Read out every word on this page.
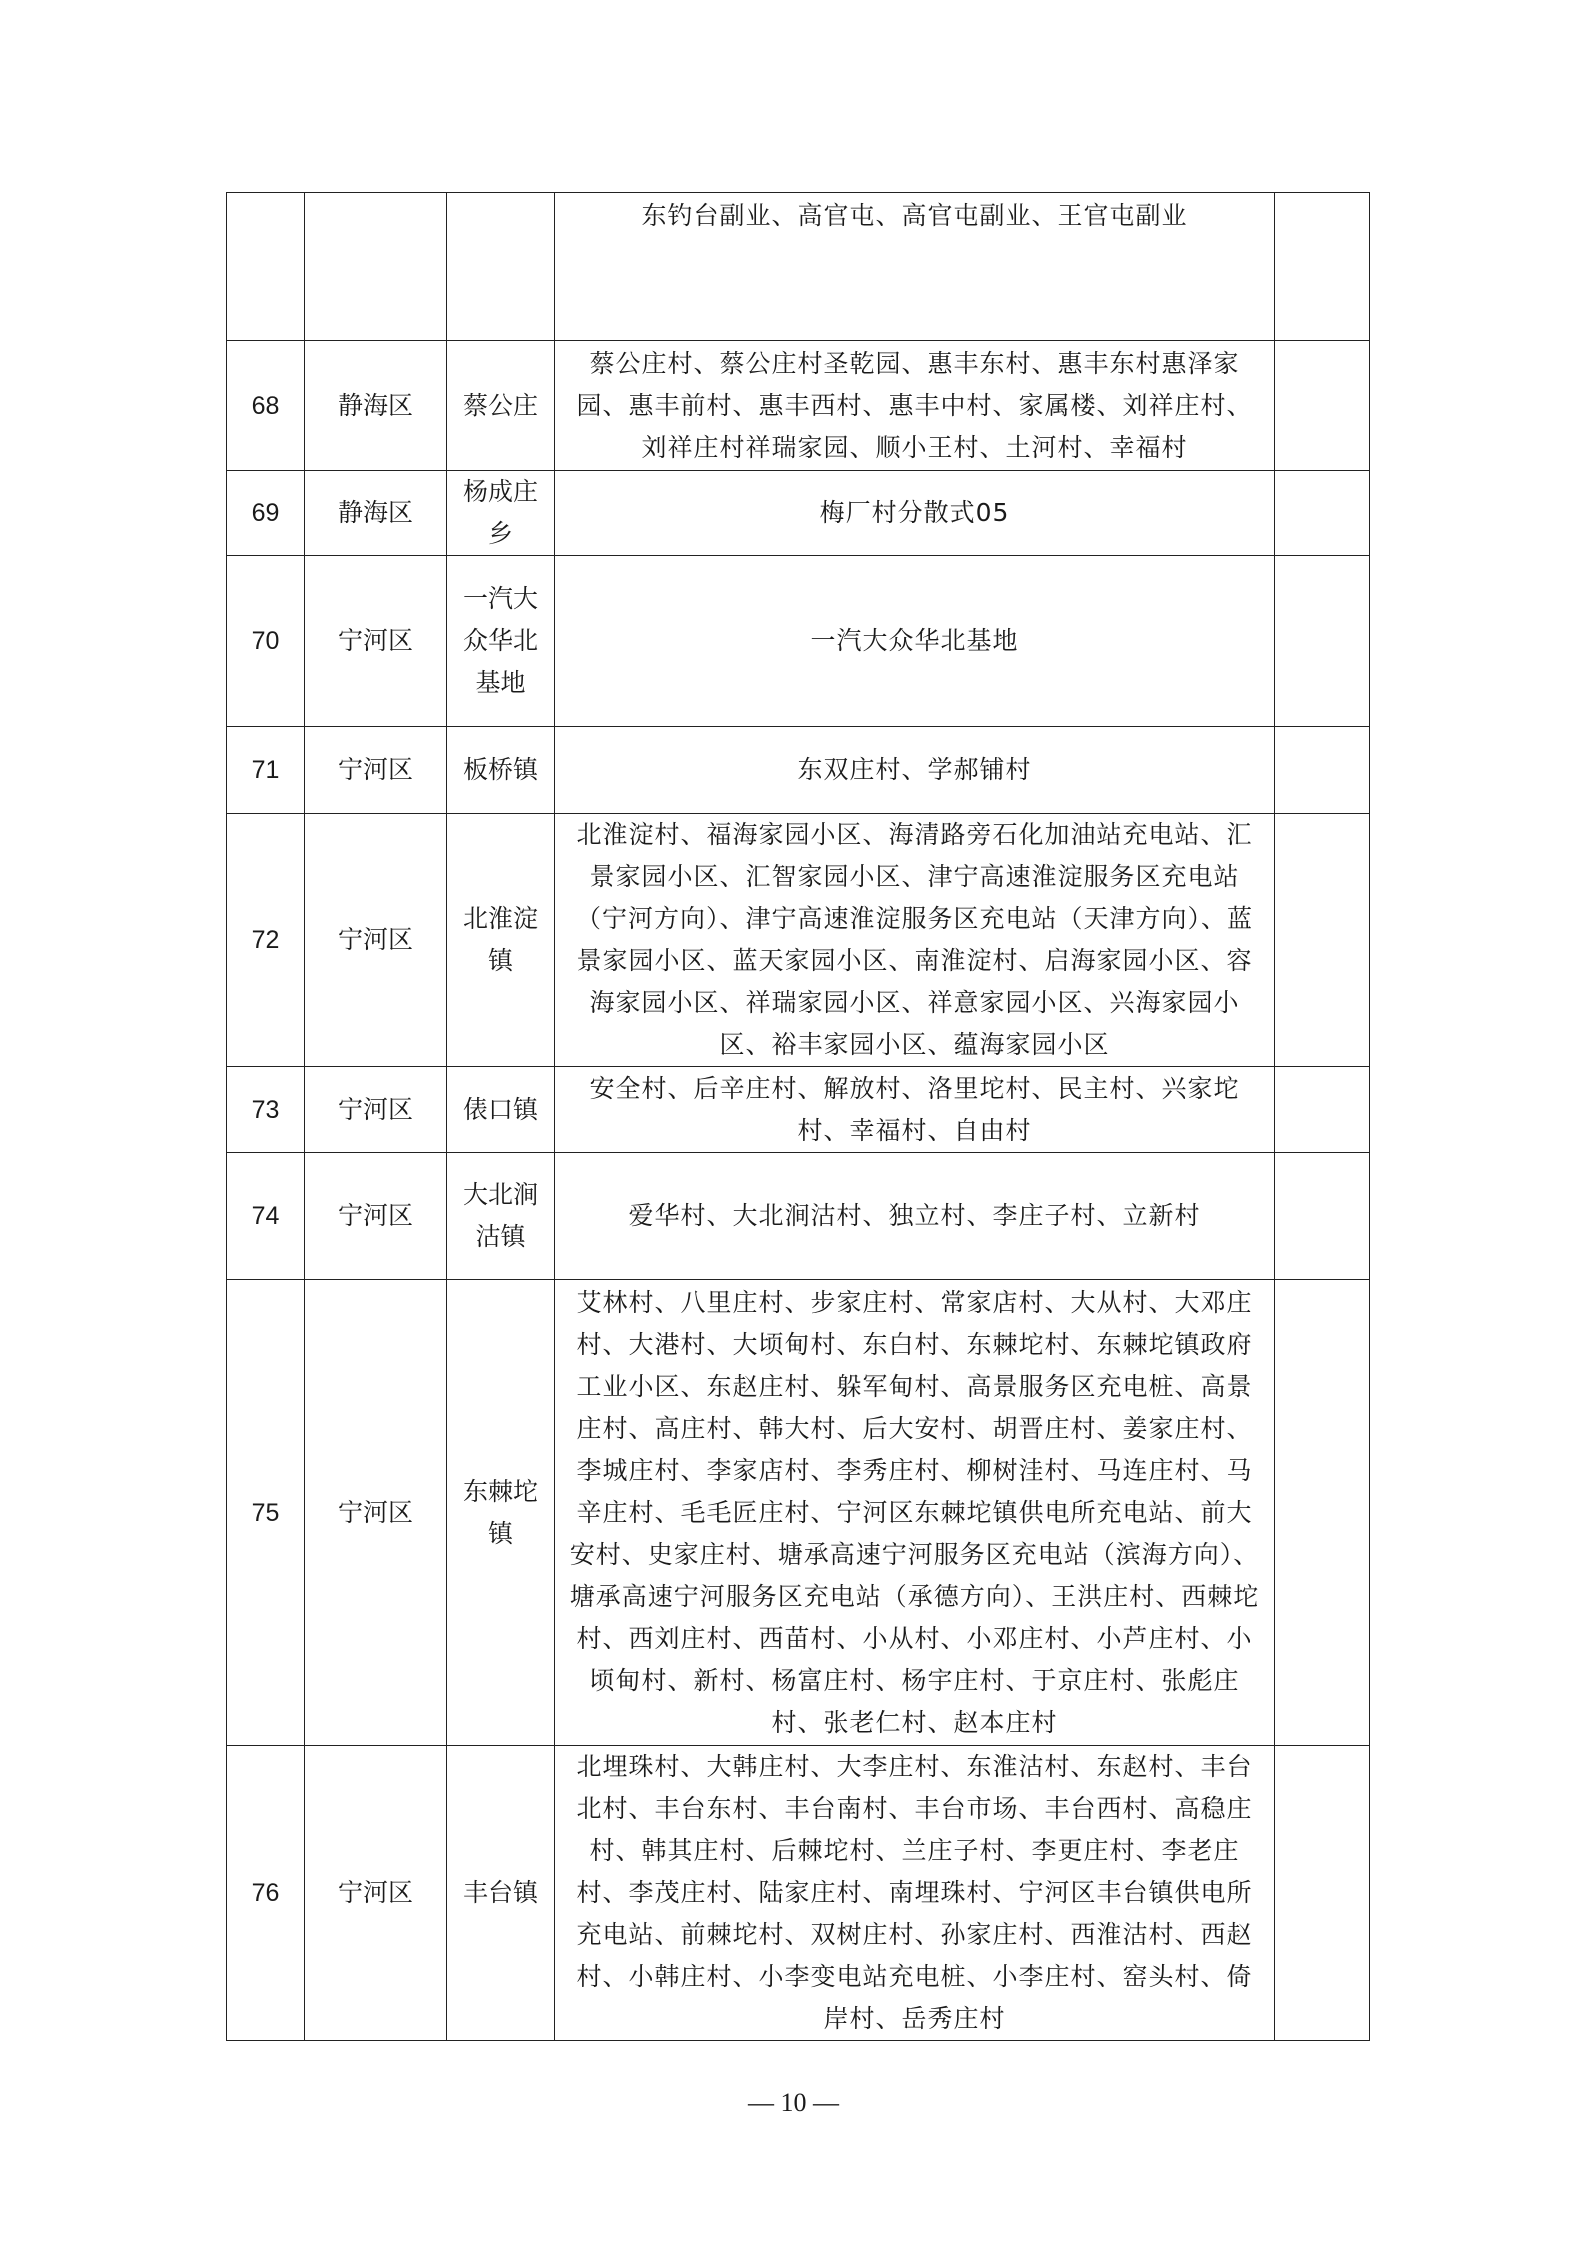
			东钓台副业、高官屯、高官屯副业、王官屯副业	
68	静海区	蔡公庄	蔡公庄村、蔡公庄村圣乾园、惠丰东村、惠丰东村惠泽家园、惠丰前村、惠丰西村、惠丰中村、家属楼、刘祥庄村、刘祥庄村祥瑞家园、顺小王村、土河村、幸福村	
69	静海区	杨成庄乡	梅厂村分散式05	
70	宁河区	一汽大众华北基地	一汽大众华北基地	
71	宁河区	板桥镇	东双庄村、学郝铺村	
72	宁河区	北淮淀镇	北淮淀村、福海家园小区、海清路旁石化加油站充电站、汇景家园小区、汇智家园小区、津宁高速淮淀服务区充电站（宁河方向）、津宁高速淮淀服务区充电站（天津方向）、蓝景家园小区、蓝天家园小区、南淮淀村、启海家园小区、容海家园小区、祥瑞家园小区、祥意家园小区、兴海家园小区、裕丰家园小区、蕴海家园小区	
73	宁河区	俵口镇	安全村、后辛庄村、解放村、洛里坨村、民主村、兴家坨村、幸福村、自由村	
74	宁河区	大北涧沽镇	爱华村、大北涧沽村、独立村、李庄子村、立新村	
75	宁河区	东棘坨镇	艾林村、八里庄村、步家庄村、常家店村、大从村、大邓庄村、大港村、大顷甸村、东白村、东棘坨村、东棘坨镇政府工业小区、东赵庄村、躲军甸村、高景服务区充电桩、高景庄村、高庄村、韩大村、后大安村、胡晋庄村、姜家庄村、李城庄村、李家店村、李秀庄村、柳树洼村、马连庄村、马辛庄村、毛毛匠庄村、宁河区东棘坨镇供电所充电站、前大安村、史家庄村、塘承高速宁河服务区充电站（滨海方向）、塘承高速宁河服务区充电站（承德方向）、王洪庄村、西棘坨村、西刘庄村、西苗村、小从村、小邓庄村、小芦庄村、小顷甸村、新村、杨富庄村、杨宇庄村、于京庄村、张彪庄村、张老仁村、赵本庄村	
76	宁河区	丰台镇	北埋珠村、大韩庄村、大李庄村、东淮沽村、东赵村、丰台北村、丰台东村、丰台南村、丰台市场、丰台西村、高稳庄村、韩其庄村、后棘坨村、兰庄子村、李更庄村、李老庄村、李茂庄村、陆家庄村、南埋珠村、宁河区丰台镇供电所充电站、前棘坨村、双树庄村、孙家庄村、西淮沽村、西赵村、小韩庄村、小李变电站充电桩、小李庄村、窑头村、倚岸村、岳秀庄村	
— 10 —
